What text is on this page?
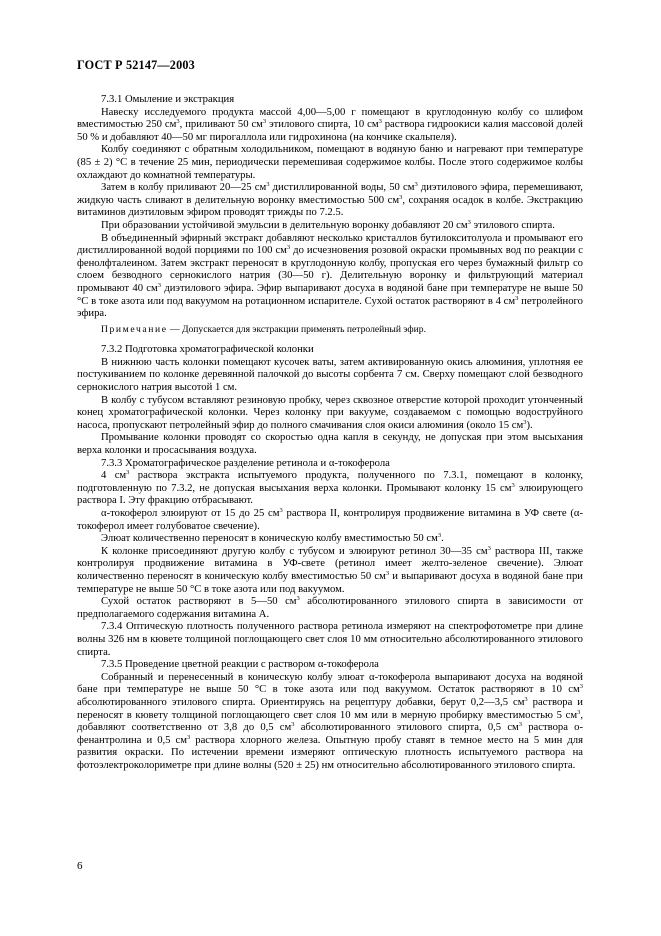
ГОСТ Р 52147—2003

7.3.1 Омыление и экстракция

Навеску исследуемого продукта массой 4,00—5,00 г помещают в круглодонную колбу со шлифом вместимостью 250 $см^3$, приливают 50 $см^3$ этилового спирта, 10 $см^3$ раствора гидроокиси калия массовой долей 50 % и добавляют 40—50 мг пирогаллола или гидрохинона (на кончике скальпеля).

Колбу соединяют с обратным холодильником, помещают в водяную баню и нагревают при температуре (85 ± 2) °С в течение 25 мин, периодически перемешивая содержимое колбы. После этого содержимое колбы охлаждают до комнатной температуры.

Затем в колбу приливают 20—25 $см^3$ дистиллированной воды, 50 $см^3$ диэтилового эфира, перемешивают, жидкую часть сливают в делительную воронку вместимостью 500 $см^3$, сохраняя осадок в колбе. Экстракцию витаминов диэтиловым эфиром проводят трижды по 7.2.5.

При образовании устойчивой эмульсии в делительную воронку добавляют 20 $см^3$ этилового спирта.

В объединенный эфирный экстракт добавляют несколько кристаллов бутилокситолуола и промывают его дистиллированной водой порциями по 100 $см^3$ до исчезновения розовой окраски промывных вод по реакции с фенолфталеином. Затем экстракт переносят в круглодонную колбу, пропуская его через бумажный фильтр со слоем безводного сернокислого натрия (30—50 г). Делительную воронку и фильтрующий материал промывают 40 $см^3$ диэтилового эфира. Эфир выпаривают досуха в водяной бане при температуре не выше 50 °С в токе азота или под вакуумом на ротационном испарителе. Сухой остаток растворяют в 4 $см^3$ петролейного эфира.

Примечание — Допускается для экстракции применять петролейный эфир.

7.3.2 Подготовка хроматографической колонки

В нижнюю часть колонки помещают кусочек ваты, затем активированную окись алюминия, уплотняя ее постукиванием по колонке деревянной палочкой до высоты сорбента 7 см. Сверху помещают слой безводного сернокислого натрия высотой 1 см.

В колбу с тубусом вставляют резиновую пробку, через сквозное отверстие которой проходит утонченный конец хроматографической колонки. Через колонку при вакууме, создаваемом с помощью водоструйного насоса, пропускают петролейный эфир до полного смачивания слоя окиси алюминия (около 15 $см^3$).

Промывание колонки проводят со скоростью одна капля в секунду, не допуская при этом высыхания верха колонки и просасывания воздуха.

7.3.3 Хроматографическое разделение ретинола и α-токоферола

4 $см^3$ раствора экстракта испытуемого продукта, полученного по 7.3.1, помещают в колонку, подготовленную по 7.3.2, не допуская высыхания верха колонки. Промывают колонку 15 $см^3$ элюирующего раствора I. Эту фракцию отбрасывают.

α-токоферол элюируют от 15 до 25 $см^3$ раствора II, контролируя продвижение витамина в УФ свете (α-токоферол имеет голубоватое свечение).

Элюат количественно переносят в коническую колбу вместимостью 50 $см^3$.

К колонке присоединяют другую колбу с тубусом и элюируют ретинол 30—35 $см^3$ раствора III, также контролируя продвижение витамина в УФ-свете (ретинол имеет желто-зеленое свечение). Элюат количественно переносят в коническую колбу вместимостью 50 $см^3$ и выпаривают досуха в водяной бане при температуре не выше 50 °С в токе азота или под вакуумом.

Сухой остаток растворяют в 5—50 $см^3$ абсолютированного этилового спирта в зависимости от предполагаемого содержания витамина А.

7.3.4 Оптическую плотность полученного раствора ретинола измеряют на спектрофотометре при длине волны 326 нм в кювете толщиной поглощающего свет слоя 10 мм относительно абсолютированного этилового спирта.

7.3.5 Проведение цветной реакции с раствором α-токоферола

Собранный и перенесенный в коническую колбу элюат α-токоферола выпаривают досуха на водяной бане при температуре не выше 50 °С в токе азота или под вакуумом. Остаток растворяют в 10 $см^3$ абсолютированного этилового спирта. Ориентируясь на рецептуру добавки, берут 0,2—3,5 $см^3$ раствора и переносят в кювету толщиной поглощающего свет слоя 10 мм или в мерную пробирку вместимостью 5 $см^3$, добавляют соответственно от 3,8 до 0,5 $см^3$ абсолютированного этилового спирта, 0,5 $см^3$ раствора о-фенантролина и 0,5 $см^3$ раствора хлорного железа. Опытную пробу ставят в темное место на 5 мин для развития окраски. По истечении времени измеряют оптическую плотность испытуемого раствора на фотоэлектроколориметре при длине волны (520 ± 25) нм относительно абсолютированного этилового спирта.

6
